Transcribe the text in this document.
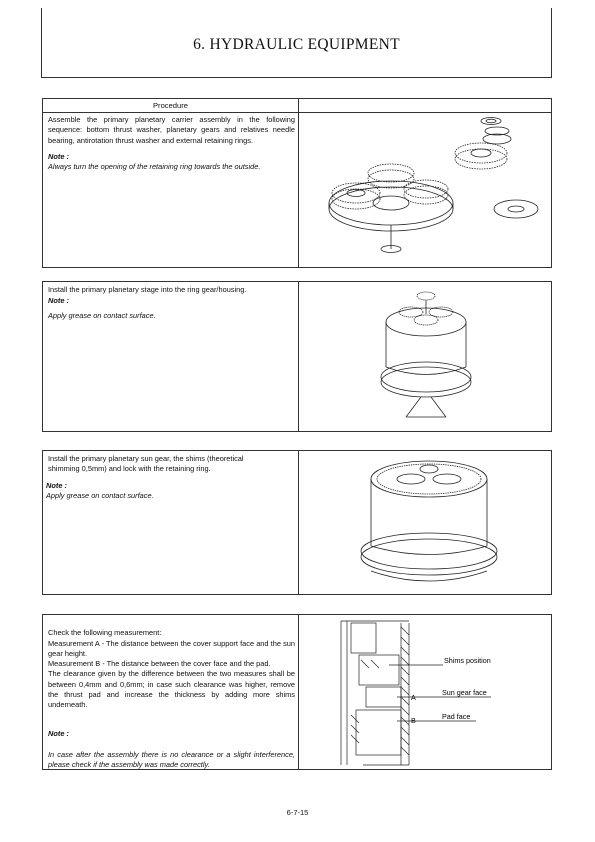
6. HYDRAULIC EQUIPMENT
Procedure
Assemble the primary planetary carrier assembly in the following sequence: bottom thrust washer, planetary gears and relatives needle bearing, antirotation thrust washer and external retaining rings.
Note :
Always turn the opening of the retaining ring towards the outside.
Install the primary planetary stage into the ring gear/housing.
Note :
Apply grease on contact surface.
Install the primary planetary sun gear, the shims (theoretical shimming 0,5mm) and lock with the retaining ring.
Note :
Apply grease on contact surface.

Check the following measurement:
Measurement A - The distance between the cover support face and the sun gear height.
Measurement B - The distance between the cover face and the pad.
The clearance given by the difference between the two measures shall be between 0,4mm and 0,6mm; in case such clearance was higher, remove the thrust pad and increase the thickness by adding more shims underneath.

Note :

In case after the assembly there is no clearance or a slight interference, please check if the assembly was made correctly.

Shims position
A
Sun gear face
B	Pad face
6-7-15
